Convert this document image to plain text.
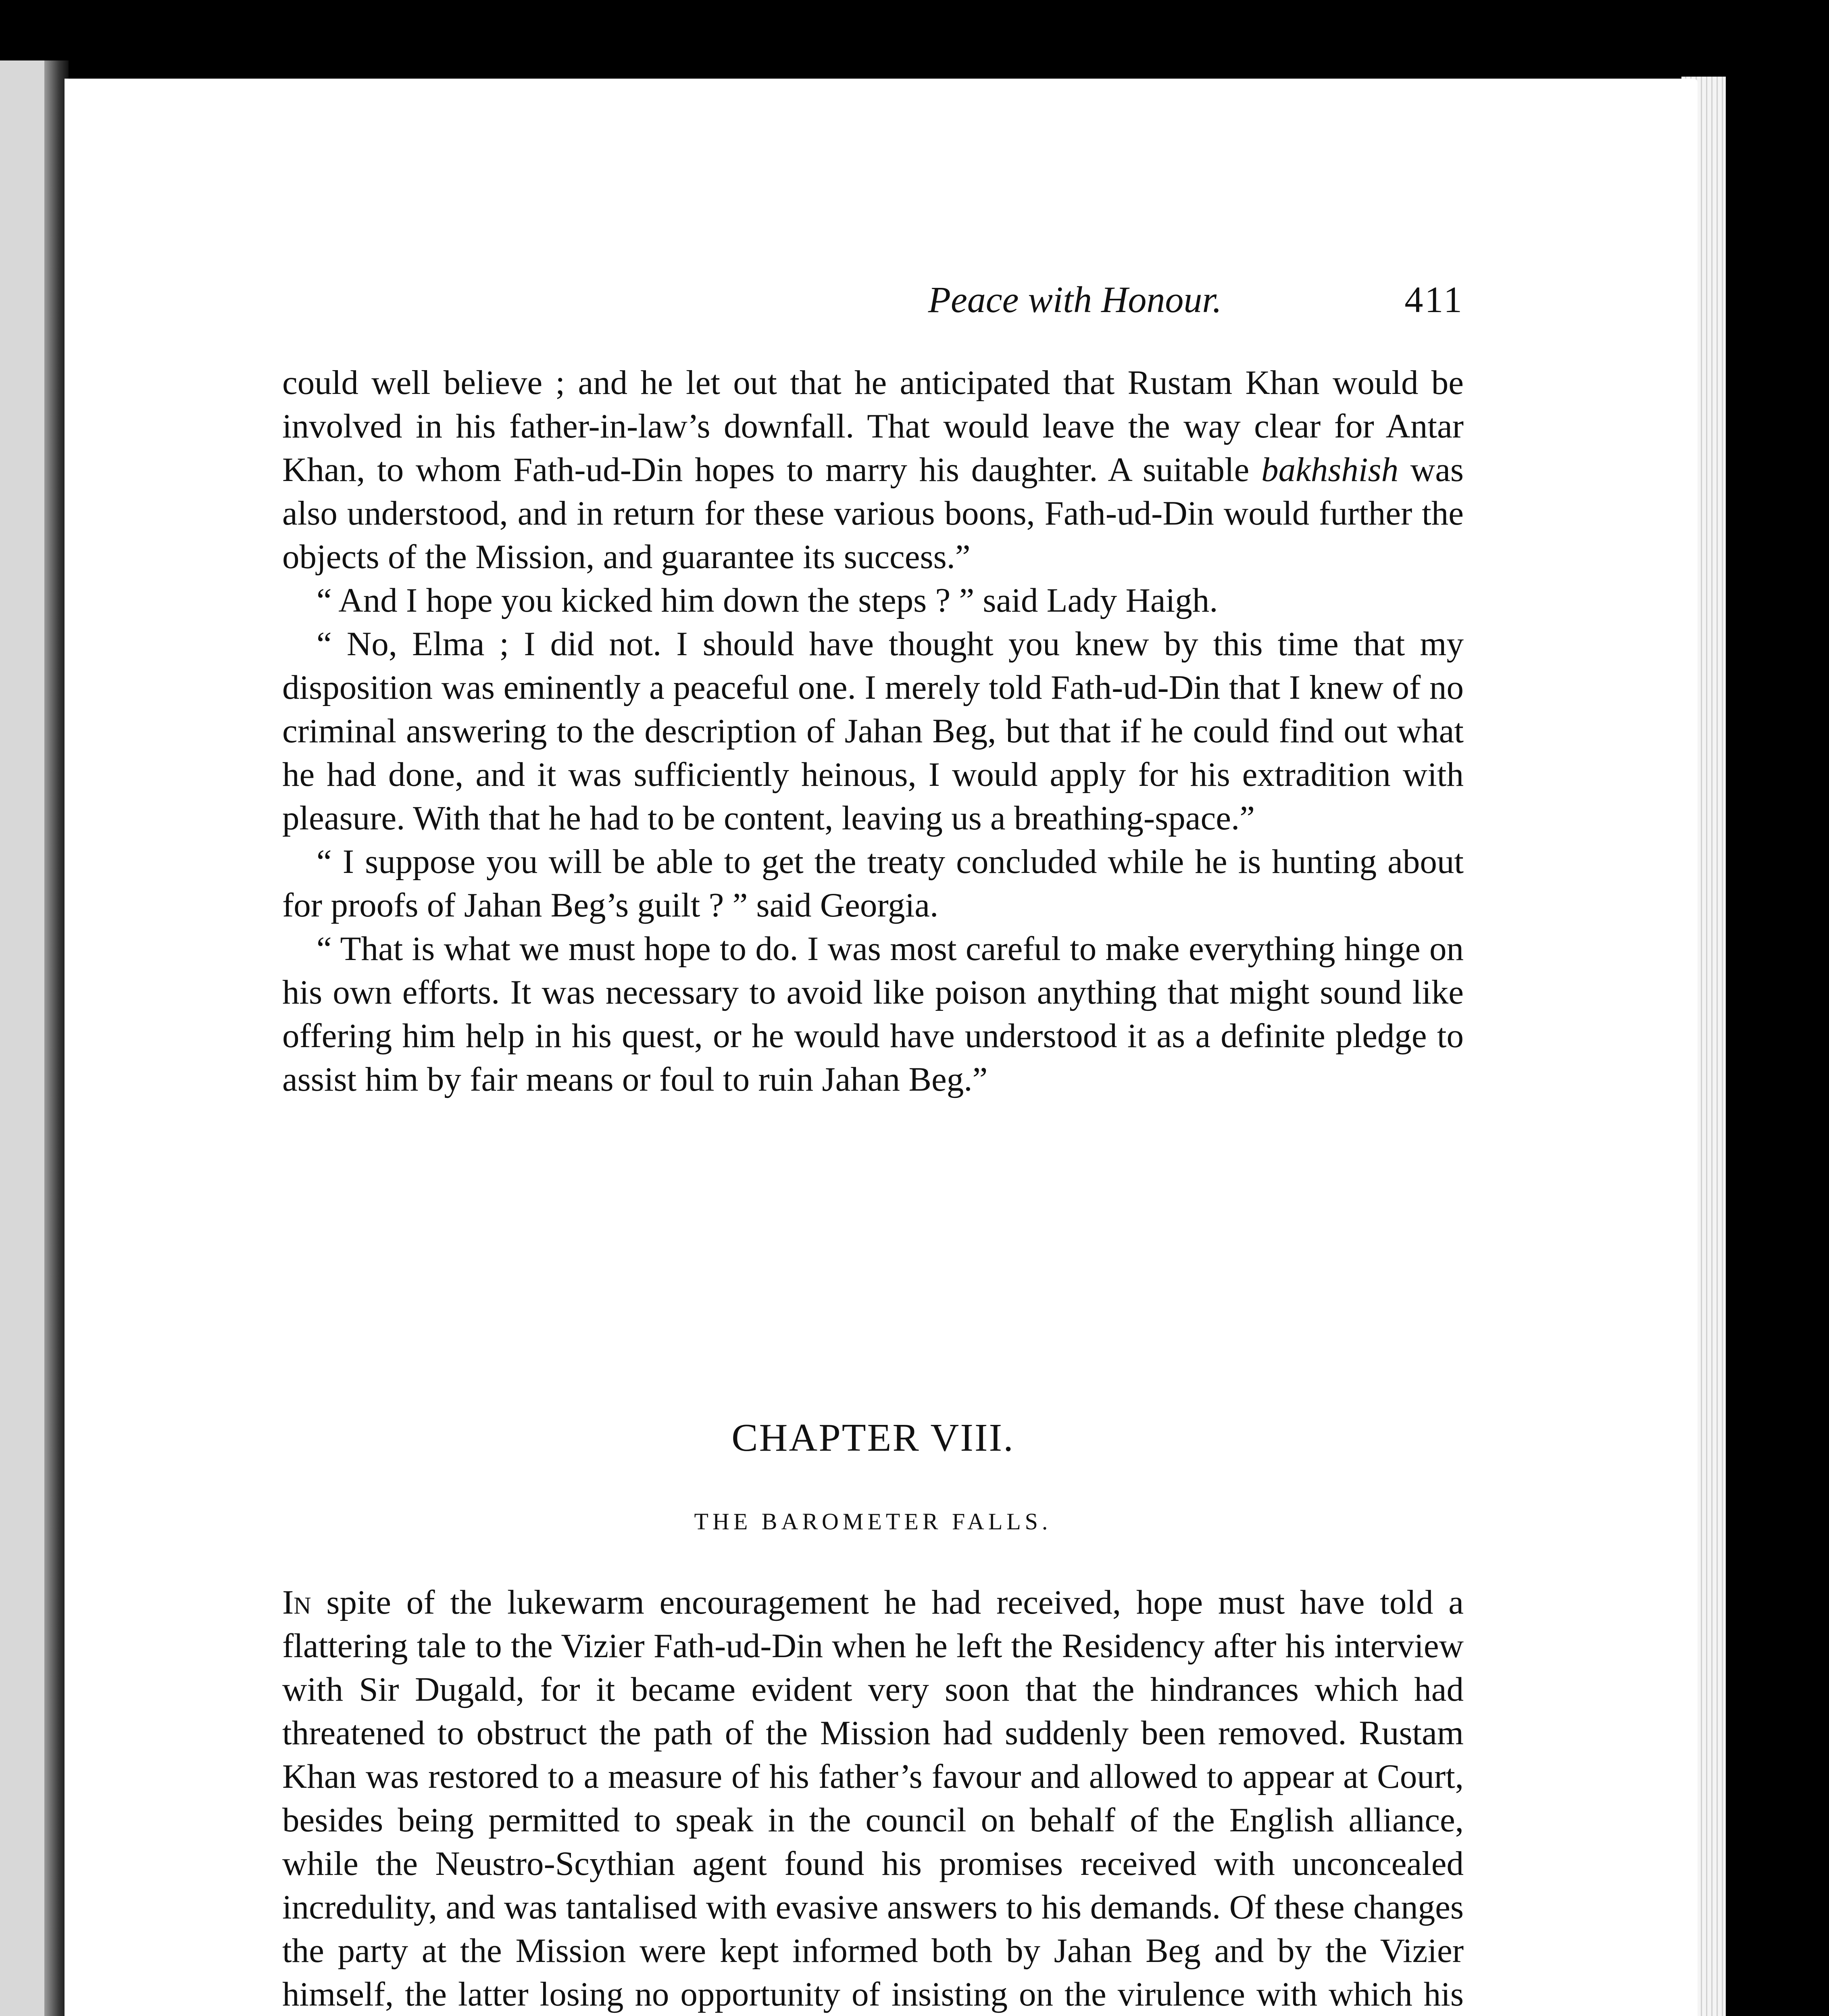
Peace with Honour.	411

could well believe ; and he let out that he anticipated that Rustam Khan would be involved in his father-in-law’s downfall. That would leave the way clear for Antar Khan, to whom Fath-ud-Din hopes to marry his daughter. A suitable bakhshish was also understood, and in return for these various boons, Fath-ud-Din would further the objects of the Mission, and guarantee its success.”

“ And I hope you kicked him down the steps ? ” said Lady Haigh.

“ No, Elma ; I did not. I should have thought you knew by this time that my disposition was eminently a peaceful one. I merely told Fath-ud-Din that I knew of no criminal answering to the description of Jahan Beg, but that if he could find out what he had done, and it was sufficiently heinous, I would apply for his extradition with pleasure. With that he had to be content, leaving us a breathing-space.”

“ I suppose you will be able to get the treaty concluded while he is hunting about for proofs of Jahan Beg’s guilt ? ” said Georgia.

“ That is what we must hope to do. I was most careful to make everything hinge on his own efforts. It was necessary to avoid like poison anything that might sound like offering him help in his quest, or he would have understood it as a definite pledge to assist him by fair means or foul to ruin Jahan Beg.”

CHAPTER VIII.
THE BAROMETER FALLS.

In spite of the lukewarm encouragement he had received, hope must have told a flattering tale to the Vizier Fath-ud-Din when he left the Residency after his interview with Sir Dugald, for it became evident very soon that the hindrances which had threatened to obstruct the path of the Mission had suddenly been removed. Rustam Khan was restored to a measure of his father’s favour and allowed to appear at Court, besides being permitted to speak in the council on behalf of the English alliance, while the Neustro-Scythian agent found his promises received with unconcealed incredulity, and was tantalised with evasive answers to his demands. Of these changes the party at the Mission were kept informed both by Jahan Beg and by the Vizier himself, the latter losing no opportunity of insisting on the virulence with which his
